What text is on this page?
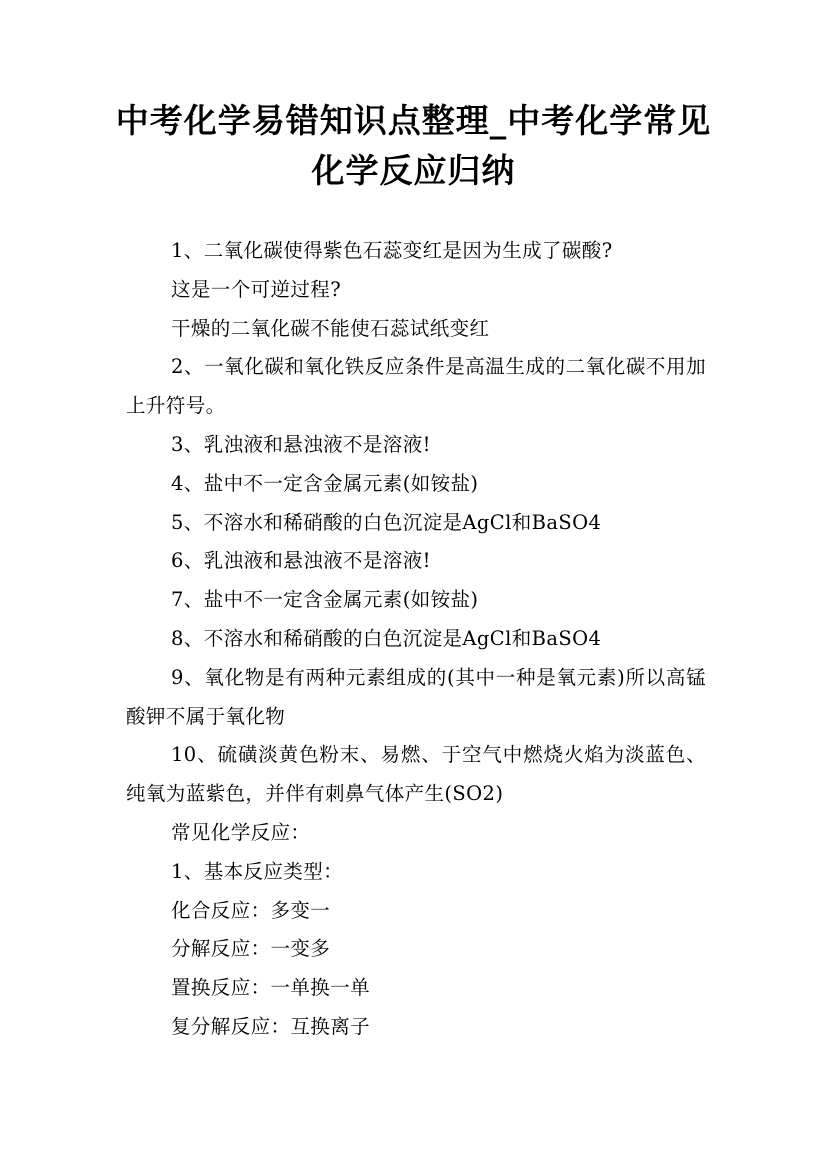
中考化学易错知识点整理_中考化学常见化学反应归纳

1、二氧化碳使得紫色石蕊变红是因为生成了碳酸?

这是一个可逆过程?

干燥的二氧化碳不能使石蕊试纸变红

2、一氧化碳和氧化铁反应条件是高温生成的二氧化碳不用加上升符号。

3、乳浊液和悬浊液不是溶液!

4、盐中不一定含金属元素(如铵盐)

5、不溶水和稀硝酸的白色沉淀是AgCl和BaSO4

6、乳浊液和悬浊液不是溶液!

7、盐中不一定含金属元素(如铵盐)

8、不溶水和稀硝酸的白色沉淀是AgCl和BaSO4

9、氧化物是有两种元素组成的(其中一种是氧元素)所以高锰酸钾不属于氧化物

10、硫磺淡黄色粉末、易燃、于空气中燃烧火焰为淡蓝色、纯氧为蓝紫色，并伴有刺鼻气体产生(SO2)

常见化学反应：

1、基本反应类型：

化合反应：多变一

分解反应：一变多

置换反应：一单换一单

复分解反应：互换离子
